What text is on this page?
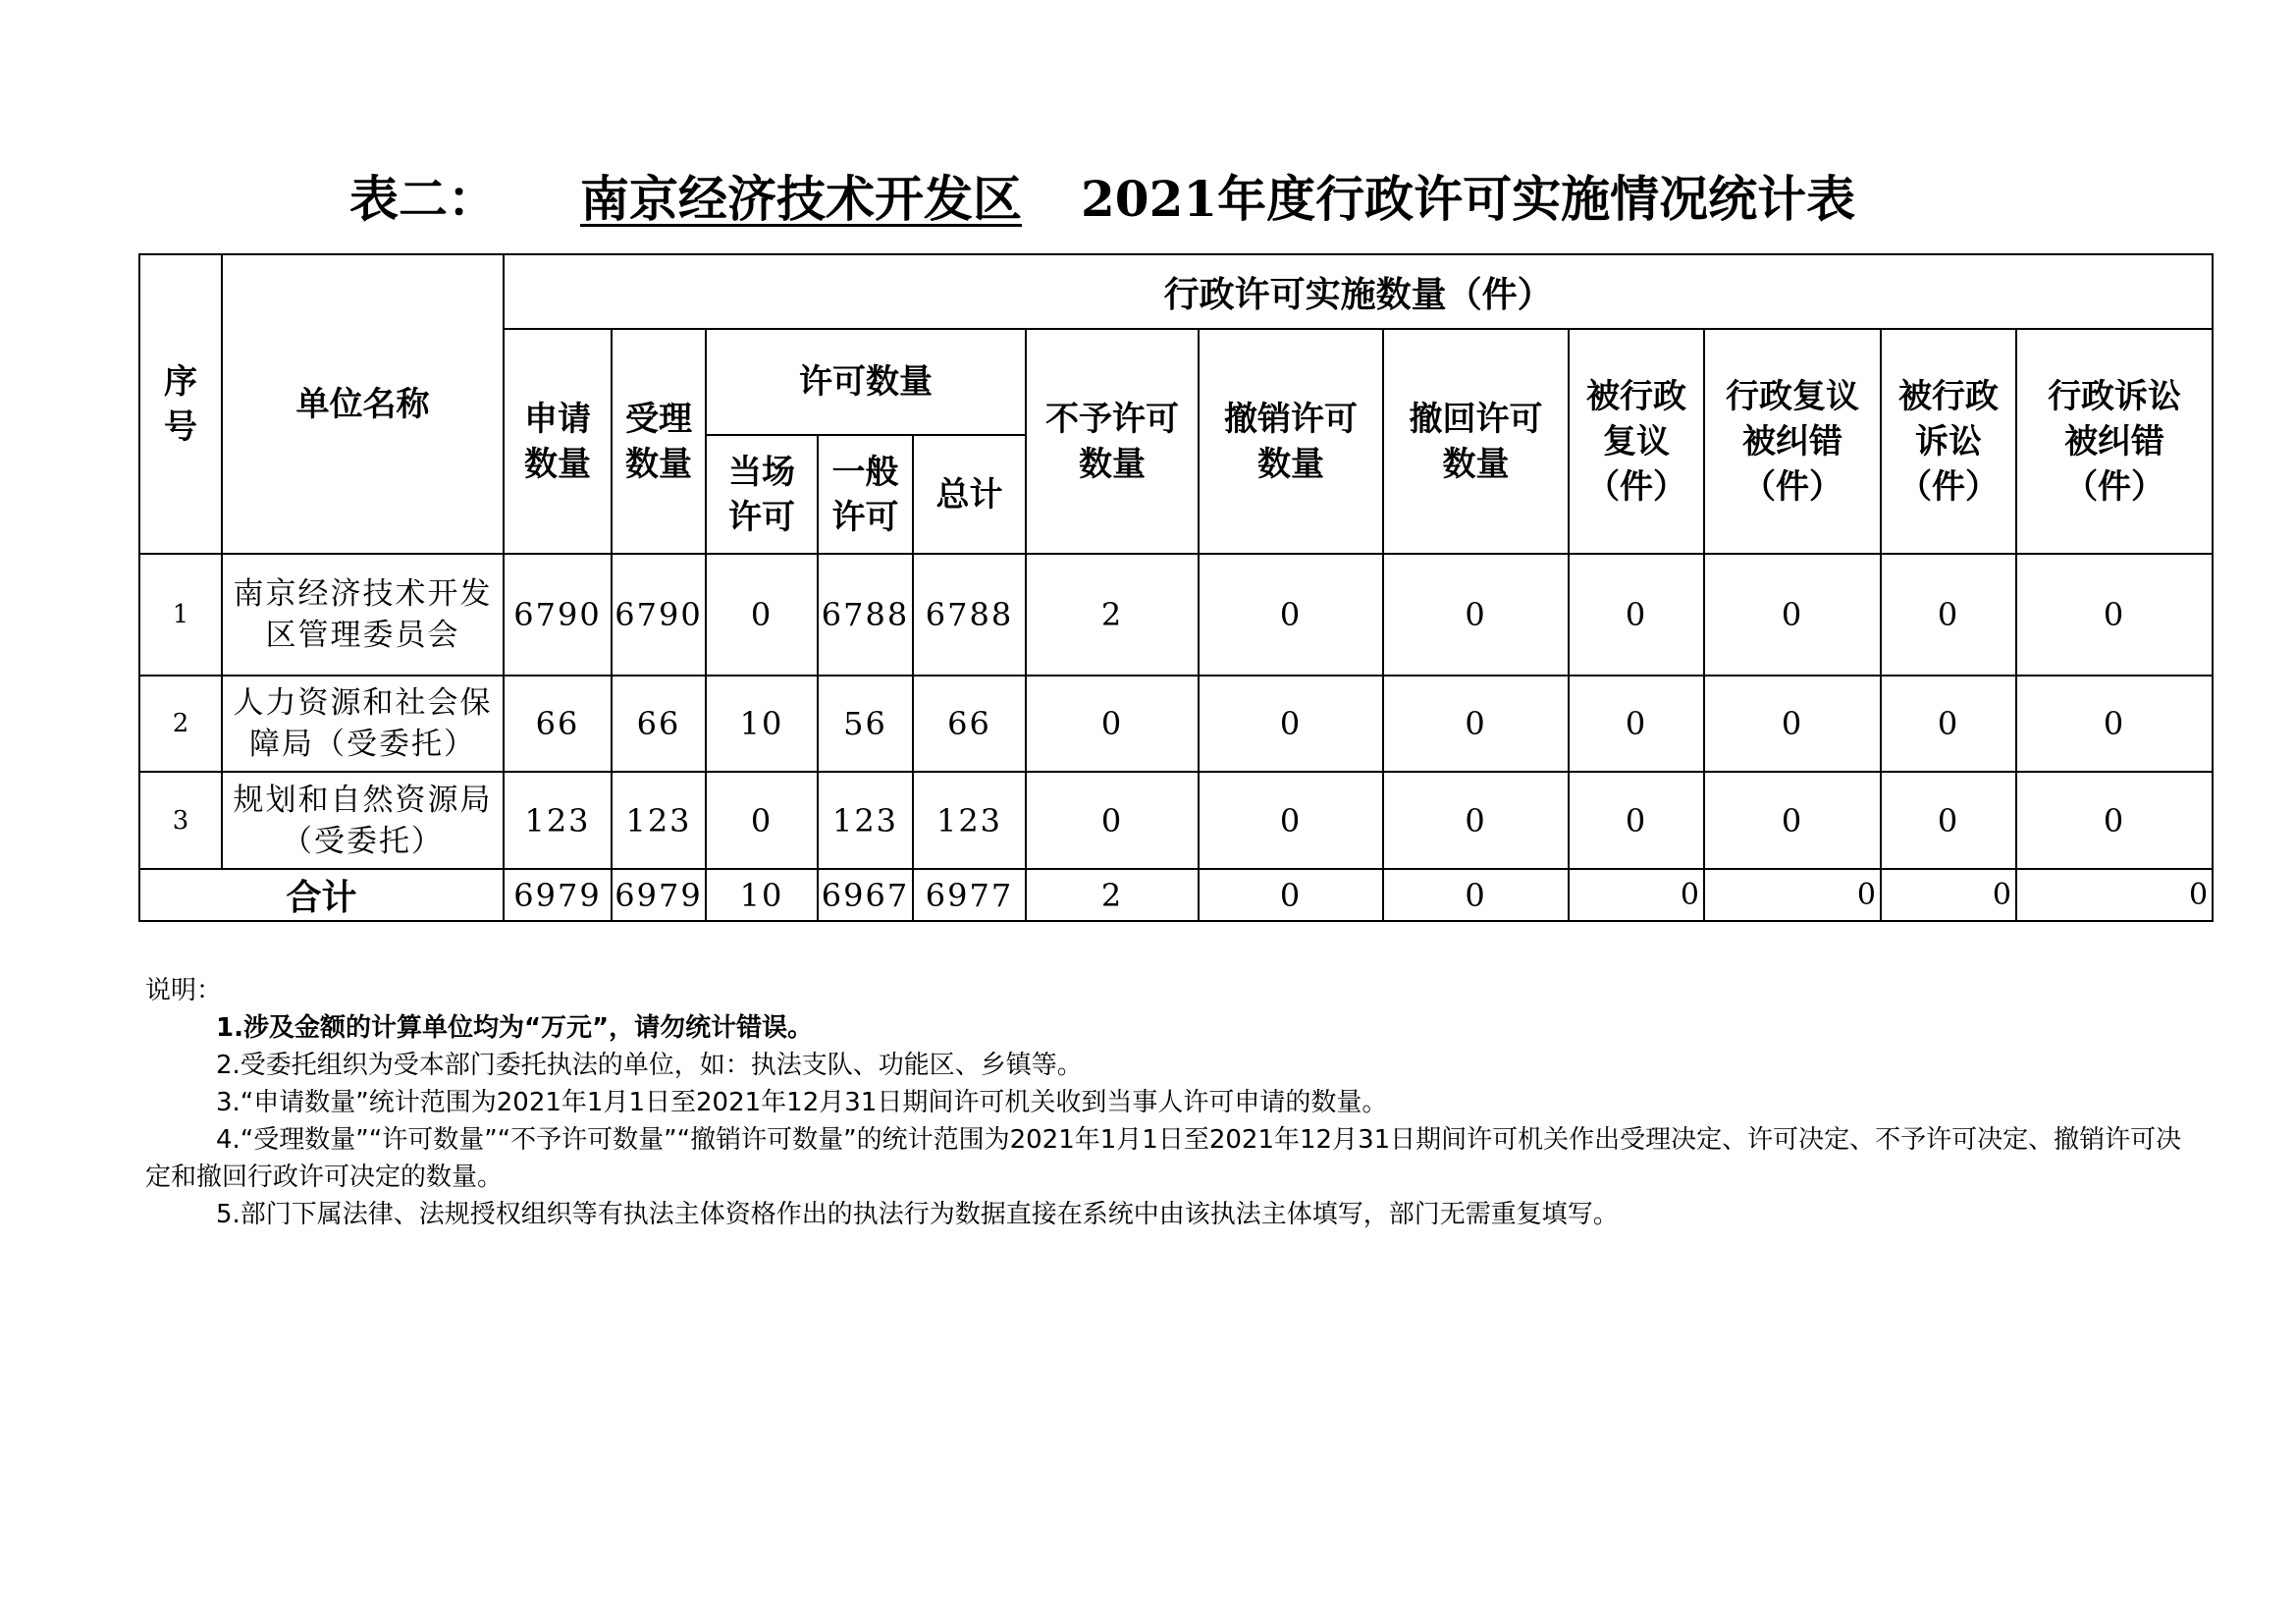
表二： 南京经济技术开发区 2021年度行政许可实施情况统计表
序号	单位名称	行政许可实施数量（件）											
		申请数量	受理数量	许可数量			不予许可数量	撤销许可数量	撤回许可数量	被行政复议（件）	行政复议被纠错（件）	被行政诉讼（件）	行政诉讼被纠错（件）
				当场许可	一般许可	总计							
1	南京经济技术开发区管理委员会	6790	6790	0	6788	6788	2	0	0	0	0	0	0
2	人力资源和社会保障局（受委托）	66	66	10	56	66	0	0	0	0	0	0	0
3	规划和自然资源局（受委托）	123	123	0	123	123	0	0	0	0	0	0	0
合计		6979	6979	10	6967	6977	2	0	0	0	0	0	0

说明：

1.涉及金额的计算单位均为“万元”，请勿统计错误。

2.受委托组织为受本部门委托执法的单位，如：执法支队、功能区、乡镇等。

3.“申请数量”统计范围为2021年1月1日至2021年12月31日期间许可机关收到当事人许可申请的数量。

4.“受理数量”“许可数量”“不予许可数量”“撤销许可数量”的统计范围为2021年1月1日至2021年12月31日期间许可机关作出受理决定、许可决定、不予许可决定、撤销许可决定和撤回行政许可决定的数量。

5.部门下属法律、法规授权组织等有执法主体资格作出的执法行为数据直接在系统中由该执法主体填写，部门无需重复填写。
